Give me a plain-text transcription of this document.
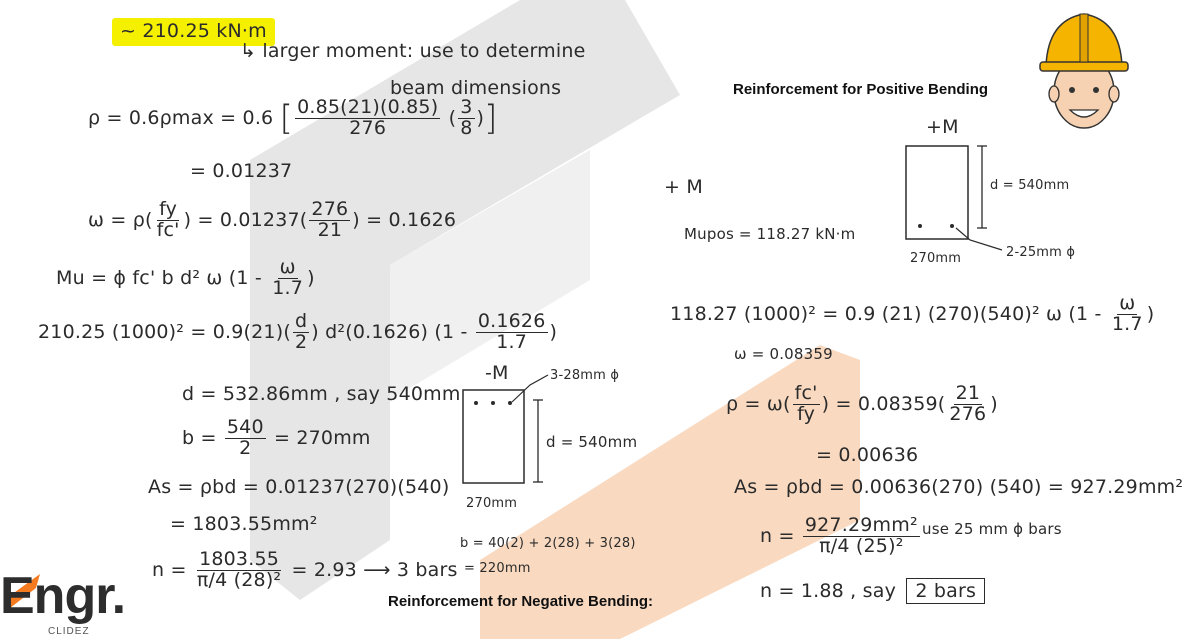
~ 210.25 kN·m
↳ larger moment: use to determine
beam dimensions	Reinforcement for Positive Bending
Reinforcement for Negative Bending:
ρ = 0.6ρmax = 0.6 [ $\frac{0.85(21)(0.85)}{276}$ ( $\frac{3}{8}$ )]
= 0.01237
$\omega = \rho( \frac{fy}{fc'}$ ) = $0.01237( \frac{276}{21}$ ) = 0.1626
Mu = ϕ fc' b d² ω ($1 - \frac{\omega}{1.7}$ )
210.25 $(1000)^2 = 0.9(21)( \frac{d}{2}$ ) d²(0.1626) ($1 - \frac{0.1626}{1.7}$ )
d = 532.86mm , say 540mm
$b = \frac{540}{2} = 270mm$
As = ρbd = 0.01237(270)(540)
= 1803.55mm²
$n = \frac{1803.55}{\text{π/4 (28)²}} = 2.93$ ⟶ 3 bars
-M	3-28mm ϕ
d = 540mm
270mm
b = 40(2) + 2(28) + 3(28)
= 220mm
+M
d = 540mm
270mm	2-25mm ϕ
+ M
Mupos = 118.27 kN·m
118.27 (1000)² = 0.9 (21) (270)(540)² ω ($1 - \frac{\omega}{1.7}$ )
ω = 0.08359
$\rho = \omega( \frac{fc'}{fy}$ ) = $0.08359( \frac{21}{276}$ )
= 0.00636
As = ρbd = 0.00636(270) (540) = 927.29mm²
$n = \frac{\text{927.29mm²}}{\text{π/4 (25)²}}$ use 25 mm ϕ bars
n = 1.88 , say 2 bars
Engr.
CLIDEZ
